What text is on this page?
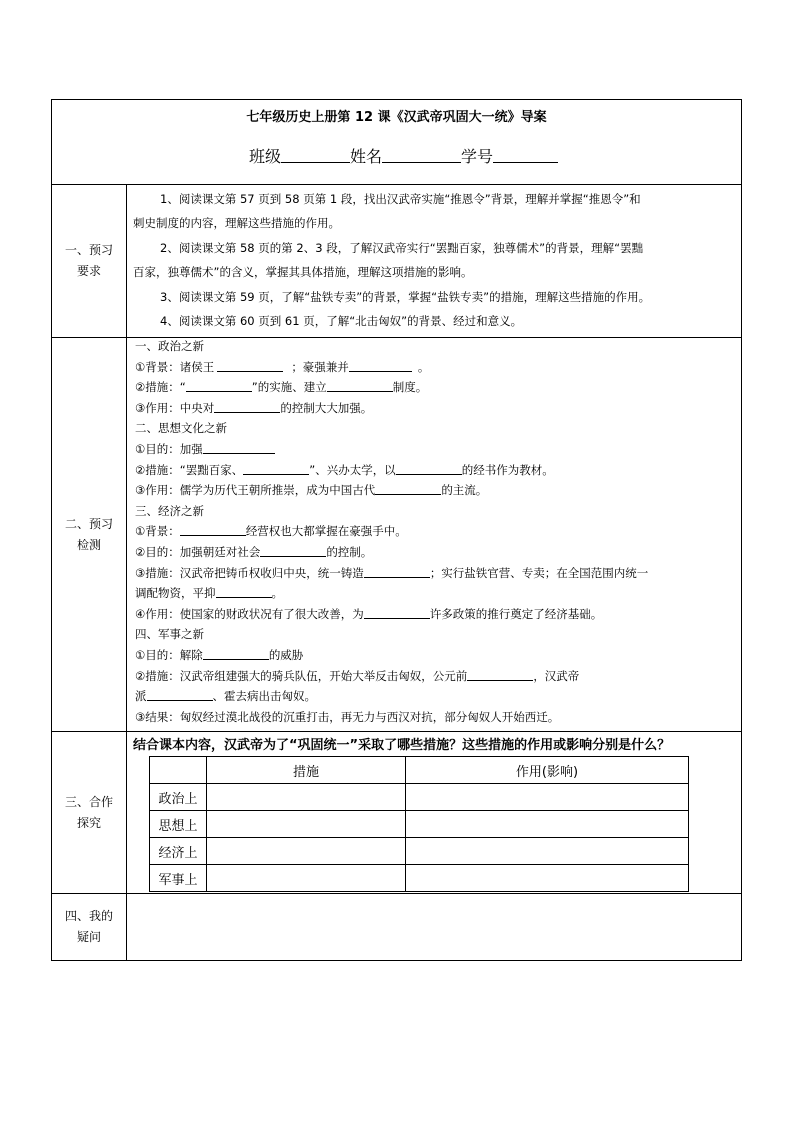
七年级历史上册第 12 课《汉武帝巩固大一统》导案
班级	姓名	学号
一、预习
要求
1、阅读课文第 57 页到 58 页第 1 段，找出汉武帝实施“推恩令”背景，理解并掌握“推恩令”和
刺史制度的内容，理解这些措施的作用。
2、阅读课文第 58 页的第 2、3 段，了解汉武帝实行“罢黜百家，独尊儒术”的背景，理解“罢黜
百家，独尊儒术”的含义，掌握其具体措施，理解这项措施的影响。
3、阅读课文第 59 页，了解“盐铁专卖”的背景，掌握“盐铁专卖”的措施，理解这些措施的作用。
4、阅读课文第 60 页到 61 页，了解“北击匈奴”的背景、经过和意义。
二、预习
检测
一、政治之新
①背景：诸侯王	；豪强兼并	。
②措施：“	”的实施、建立	制度。
③作用：中央对	的控制大大加强。
二、思想文化之新
①目的：加强
②措施：“罢黜百家、	”、兴办太学，以	的经书作为教材。
③作用：儒学为历代王朝所推崇，成为中国古代	的主流。
三、经济之新
①背景：	经营权也大都掌握在豪强手中。
②目的：加强朝廷对社会	的控制。
③措施：汉武帝把铸币权收归中央，统一铸造	；实行盐铁官营、专卖；在全国范围内统一
调配物资，平抑	。
④作用：使国家的财政状况有了很大改善，为	许多政策的推行奠定了经济基础。
四、军事之新
①目的：解除	的威胁
②措施：汉武帝组建强大的骑兵队伍，开始大举反击匈奴，公元前	，汉武帝
派	、霍去病出击匈奴。
③结果：匈奴经过漠北战役的沉重打击，再无力与西汉对抗，部分匈奴人开始西迁。
三、合作
探究
结合课本内容，汉武帝为了“巩固统一”采取了哪些措施？这些措施的作用或影响分别是什么？
	措施	作用(影响)
政治上		
思想上		
经济上		
军事上		
四、我的
疑问
